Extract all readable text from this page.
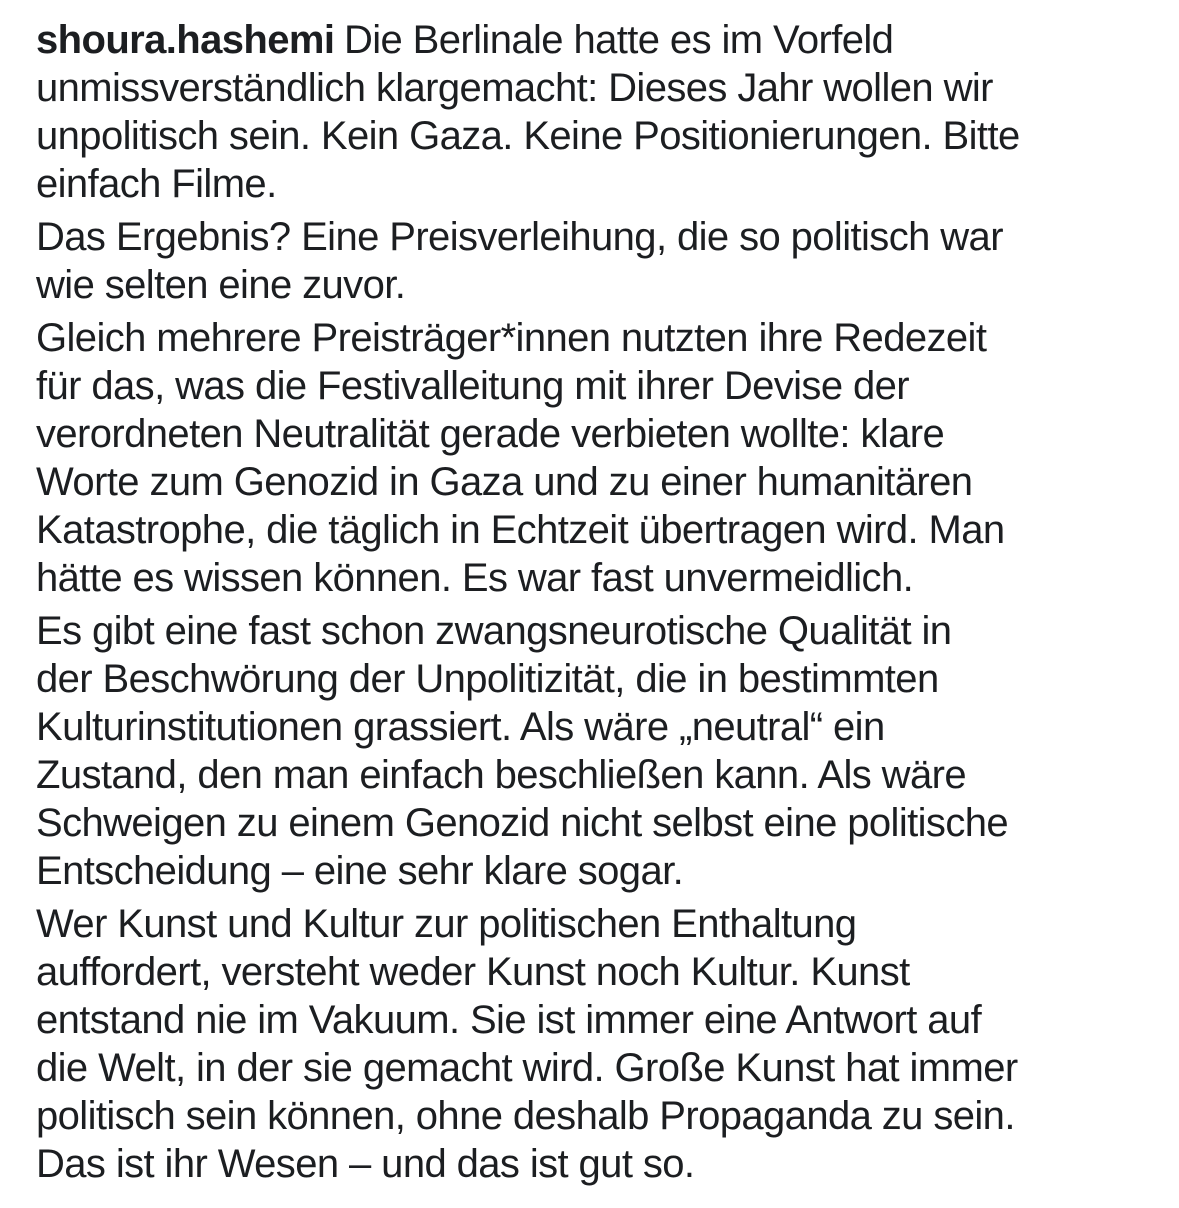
shoura.hashemi Die Berlinale hatte es im Vorfeld
unmissverständlich klargemacht: Dieses Jahr wollen wir
unpolitisch sein. Kein Gaza. Keine Positionierungen. Bitte
einfach Filme.
Das Ergebnis? Eine Preisverleihung, die so politisch war
wie selten eine zuvor.
Gleich mehrere Preisträger*innen nutzten ihre Redezeit
für das, was die Festivalleitung mit ihrer Devise der
verordneten Neutralität gerade verbieten wollte: klare
Worte zum Genozid in Gaza und zu einer humanitären
Katastrophe, die täglich in Echtzeit übertragen wird. Man
hätte es wissen können. Es war fast unvermeidlich.
Es gibt eine fast schon zwangsneurotische Qualität in
der Beschwörung der Unpolitizität, die in bestimmten
Kulturinstitutionen grassiert. Als wäre „neutral“ ein
Zustand, den man einfach beschließen kann. Als wäre
Schweigen zu einem Genozid nicht selbst eine politische
Entscheidung – eine sehr klare sogar.
Wer Kunst und Kultur zur politischen Enthaltung
auffordert, versteht weder Kunst noch Kultur. Kunst
entstand nie im Vakuum. Sie ist immer eine Antwort auf
die Welt, in der sie gemacht wird. Große Kunst hat immer
politisch sein können, ohne deshalb Propaganda zu sein.
Das ist ihr Wesen – und das ist gut so.
